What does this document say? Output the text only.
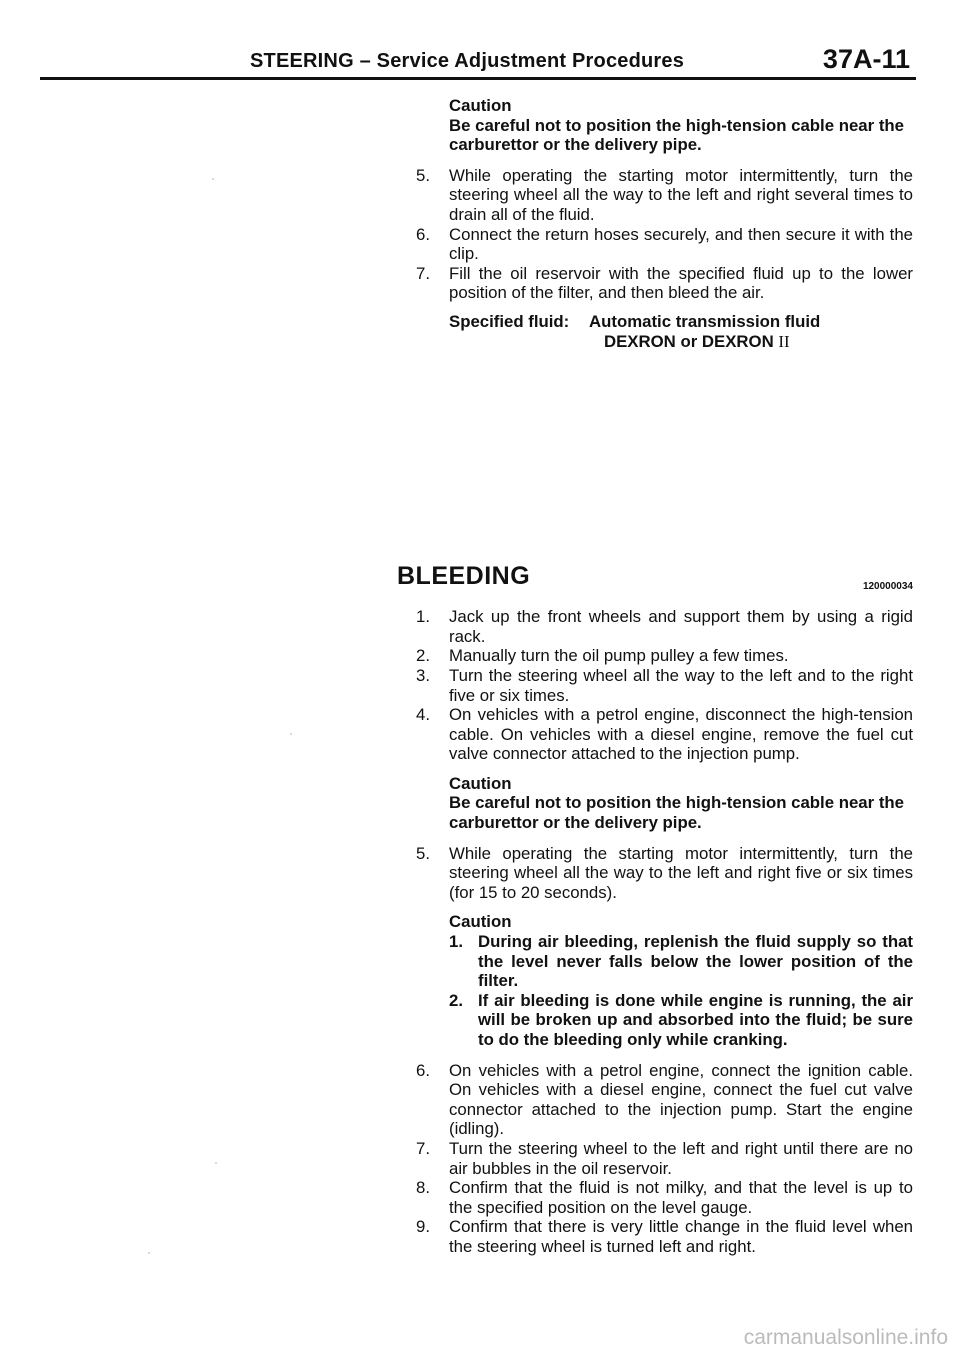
STEERING – Service Adjustment Procedures	37A-11
Caution
Be careful not to position the high-tension cable near the carburettor or the delivery pipe.
5.	While operating the starting motor intermittently, turn the steering wheel all the way to the left and right several times to drain all of the fluid.
6.	Connect the return hoses securely, and then secure it with the clip.
7.	Fill the oil reservoir with the specified fluid up to the lower position of the filter, and then bleed the air.
Specified fluid:	Automatic transmission fluid
DEXRON or DEXRON II
BLEEDING	120000034
1.	Jack up the front wheels and support them by using a rigid rack.
2.	Manually turn the oil pump pulley a few times.
3.	Turn the steering wheel all the way to the left and to the right five or six times.
4.	On vehicles with a petrol engine, disconnect the high-tension cable. On vehicles with a diesel engine, remove the fuel cut valve connector attached to the injection pump.
Caution
Be careful not to position the high-tension cable near the carburettor or the delivery pipe.
5.	While operating the starting motor intermittently, turn the steering wheel all the way to the left and right five or six times (for 15 to 20 seconds).
Caution
1. During air bleeding, replenish the fluid supply so that the level never falls below the lower position of the filter.
2. If air bleeding is done while engine is running, the air will be broken up and absorbed into the fluid; be sure to do the bleeding only while cranking.
6.	On vehicles with a petrol engine, connect the ignition cable. On vehicles with a diesel engine, connect the fuel cut valve connector attached to the injection pump. Start the engine (idling).
7.	Turn the steering wheel to the left and right until there are no air bubbles in the oil reservoir.
8.	Confirm that the fluid is not milky, and that the level is up to the specified position on the level gauge.
9.	Confirm that there is very little change in the fluid level when the steering wheel is turned left and right.
carmanualsonline.info
